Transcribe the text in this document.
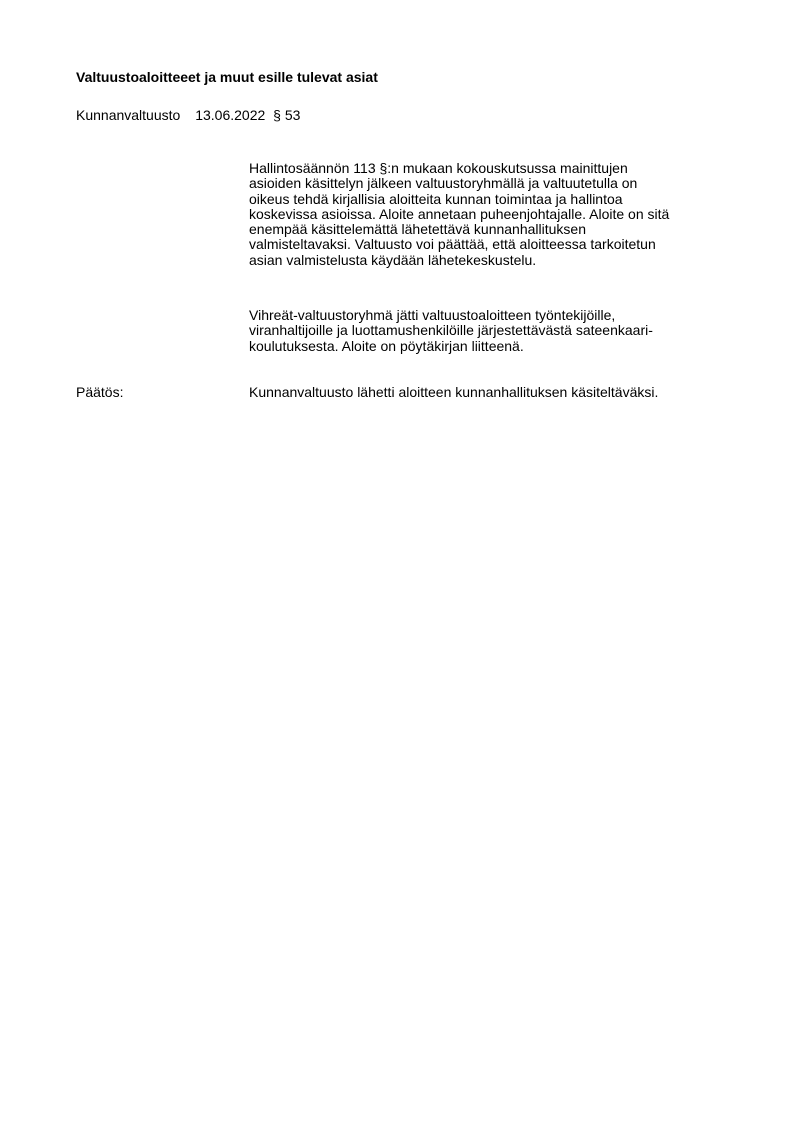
Valtuustoaloitteeet ja muut esille tulevat asiat
Kunnanvaltuusto 13.06.2022 § 53
Hallintosäännön 113 §:n mukaan kokouskutsussa mainittujen
asioiden käsittelyn jälkeen valtuustoryhmällä ja valtuutetulla on
oikeus tehdä kirjallisia aloitteita kunnan toimintaa ja hallintoa
koskevissa asioissa. Aloite annetaan puheenjohtajalle. Aloite on sitä
enempää käsittelemättä lähetettävä kunnanhallituksen
valmisteltavaksi. Valtuusto voi päättää, että aloitteessa tarkoitetun
asian valmistelusta käydään lähetekeskustelu.
Vihreät-valtuustoryhmä jätti valtuustoaloitteen työntekijöille,
viranhaltijoille ja luottamushenkilöille järjestettävästä sateenkaari-
koulutuksesta. Aloite on pöytäkirjan liitteenä.
Päätös:	Kunnanvaltuusto lähetti aloitteen kunnanhallituksen käsiteltäväksi.
